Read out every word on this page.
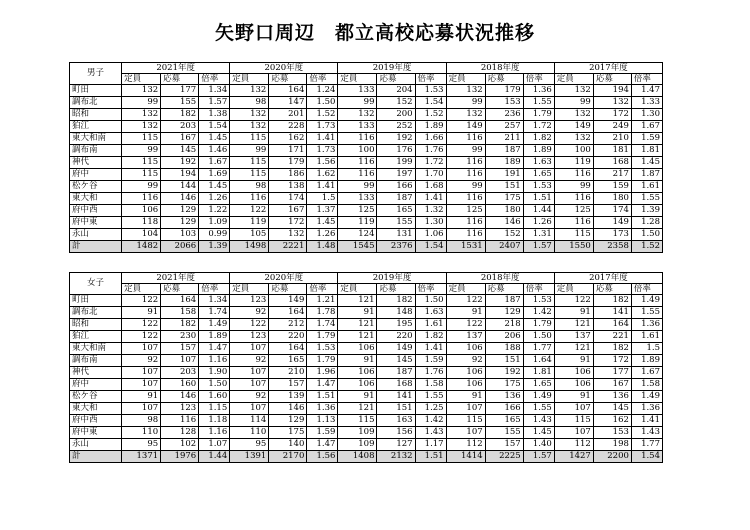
矢野口周辺　都立高校応募状況推移
男子	2021年度			2020年度			2019年度			2018年度			2017年度		
	定員	応募	倍率	定員	応募	倍率	定員	応募	倍率	定員	応募	倍率	定員	応募	倍率
町田	132	177	1.34	132	164	1.24	133	204	1.53	132	179	1.36	132	194	1.47
調布北	99	155	1.57	98	147	1.50	99	152	1.54	99	153	1.55	99	132	1.33
昭和	132	182	1.38	132	201	1.52	132	200	1.52	132	236	1.79	132	172	1.30
狛江	132	203	1.54	132	228	1.73	133	252	1.89	149	257	1.72	149	249	1.67
東大和南	115	167	1.45	115	162	1.41	116	192	1.66	116	211	1.82	132	210	1.59
調布南	99	145	1.46	99	171	1.73	100	176	1.76	99	187	1.89	100	181	1.81
神代	115	192	1.67	115	179	1.56	116	199	1.72	116	189	1.63	119	168	1.45
府中	115	194	1.69	115	186	1.62	116	197	1.70	116	191	1.65	116	217	1.87
松ケ谷	99	144	1.45	98	138	1.41	99	166	1.68	99	151	1.53	99	159	1.61
東大和	116	146	1.26	116	174	1.5	133	187	1.41	116	175	1.51	116	180	1.55
府中西	106	129	1.22	122	167	1.37	125	165	1.32	125	180	1.44	125	174	1.39
府中東	118	129	1.09	119	172	1.45	119	155	1.30	116	146	1.26	116	149	1.28
永山	104	103	0.99	105	132	1.26	124	131	1.06	116	152	1.31	115	173	1.50
計	1482	2066	1.39	1498	2221	1.48	1545	2376	1.54	1531	2407	1.57	1550	2358	1.52
女子	2021年度			2020年度			2019年度			2018年度			2017年度		
	定員	応募	倍率	定員	応募	倍率	定員	応募	倍率	定員	応募	倍率	定員	応募	倍率
町田	122	164	1.34	123	149	1.21	121	182	1.50	122	187	1.53	122	182	1.49
調布北	91	158	1.74	92	164	1.78	91	148	1.63	91	129	1.42	91	141	1.55
昭和	122	182	1.49	122	212	1.74	121	195	1.61	122	218	1.79	121	164	1.36
狛江	122	230	1.89	123	220	1.79	121	220	1.82	137	206	1.50	137	221	1.61
東大和南	107	157	1.47	107	164	1.53	106	149	1.41	106	188	1.77	121	182	1.5
調布南	92	107	1.16	92	165	1.79	91	145	1.59	92	151	1.64	91	172	1.89
神代	107	203	1.90	107	210	1.96	106	187	1.76	106	192	1.81	106	177	1.67
府中	107	160	1.50	107	157	1.47	106	168	1.58	106	175	1.65	106	167	1.58
松ケ谷	91	146	1.60	92	139	1.51	91	141	1.55	91	136	1.49	91	136	1.49
東大和	107	123	1.15	107	146	1.36	121	151	1.25	107	166	1.55	107	145	1.36
府中西	98	116	1.18	114	129	1.13	115	163	1.42	115	165	1.43	115	162	1.41
府中東	110	128	1.16	110	175	1.59	109	156	1.43	107	155	1.45	107	153	1.43
永山	95	102	1.07	95	140	1.47	109	127	1.17	112	157	1.40	112	198	1.77
計	1371	1976	1.44	1391	2170	1.56	1408	2132	1.51	1414	2225	1.57	1427	2200	1.54
